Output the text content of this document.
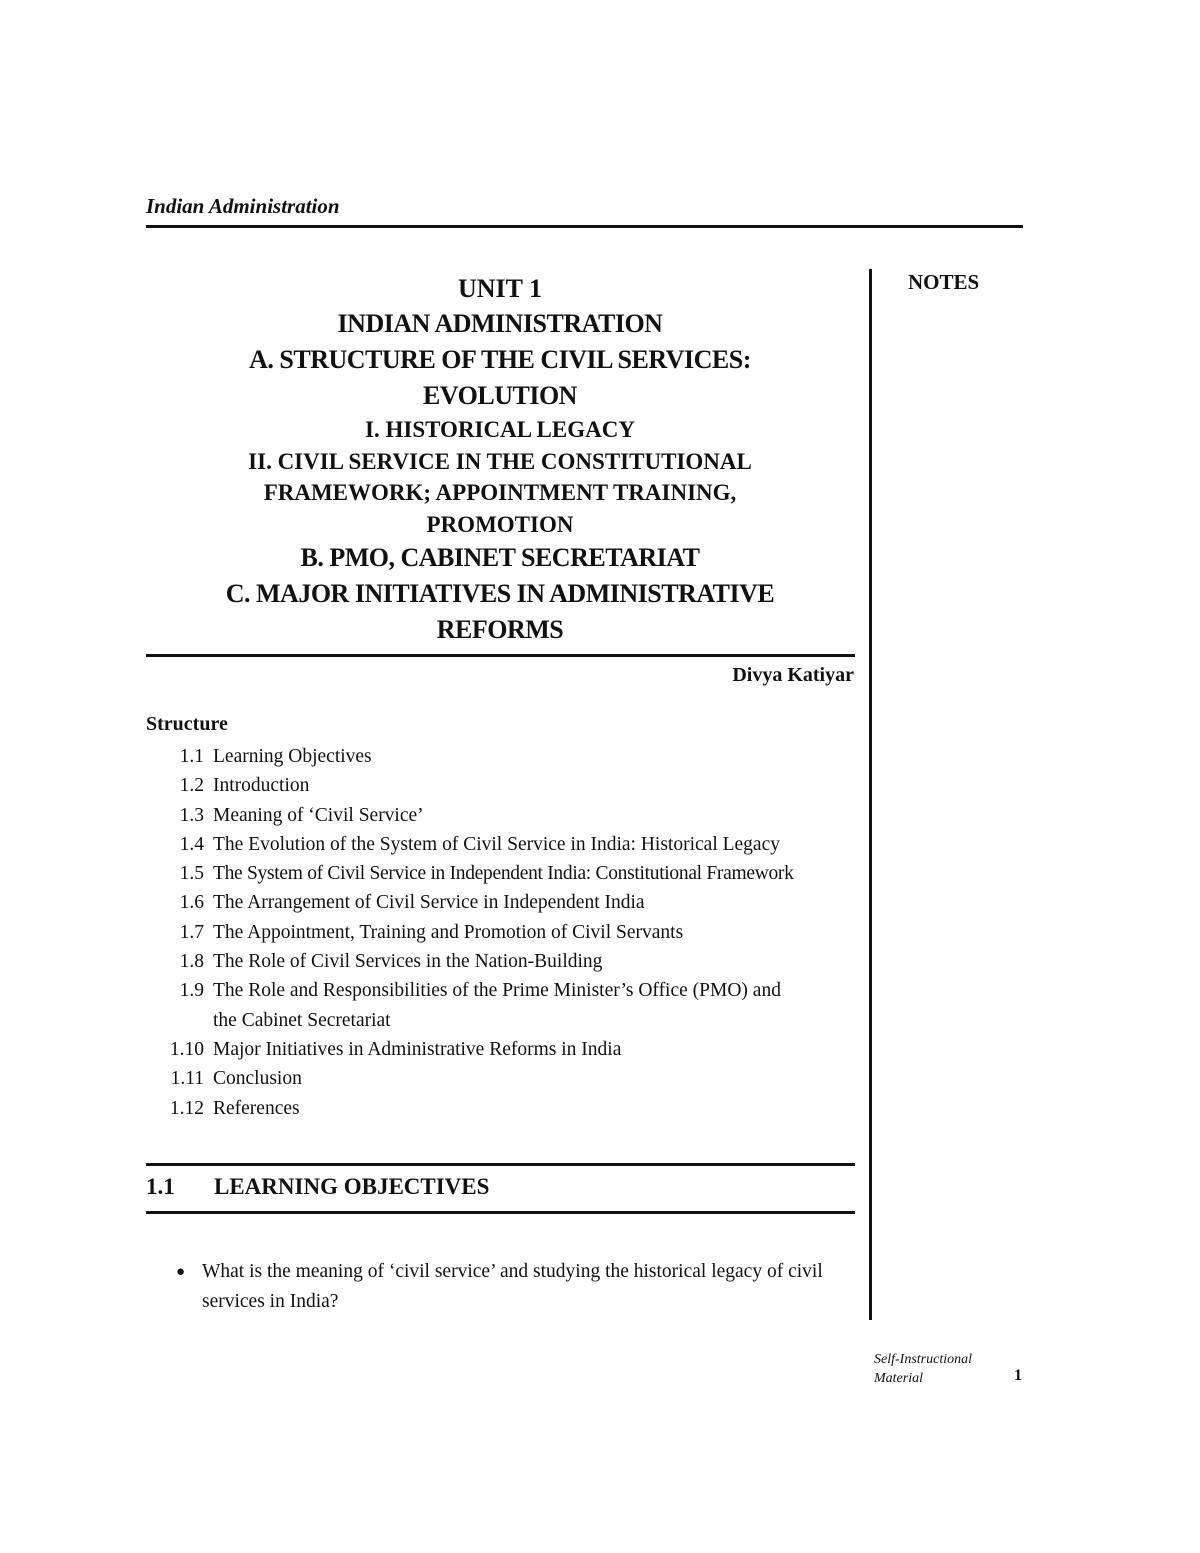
Indian Administration
NOTES

UNIT 1

INDIAN ADMINISTRATION

A. STRUCTURE OF THE CIVIL SERVICES:

EVOLUTION

I. HISTORICAL LEGACY

II. CIVIL SERVICE IN THE CONSTITUTIONAL

FRAMEWORK; APPOINTMENT TRAINING,

PROMOTION

B. PMO, CABINET SECRETARIAT

C. MAJOR INITIATIVES IN ADMINISTRATIVE

REFORMS

Divya Katiyar
Structure
1.1 Learning Objectives
1.2 Introduction
1.3 Meaning of ‘Civil Service’
1.4 The Evolution of the System of Civil Service in India: Historical Legacy
1.5 The System of Civil Service in Independent India: Constitutional Framework
1.6 The Arrangement of Civil Service in Independent India
1.7 The Appointment, Training and Promotion of Civil Servants
1.8 The Role of Civil Services in the Nation-Building
1.9 The Role and Responsibilities of the Prime Minister’s Office (PMO) and the Cabinet Secretariat
1.10 Major Initiatives in Administrative Reforms in India
1.11 Conclusion
1.12 References
1.1	LEARNING OBJECTIVES
● What is the meaning of ‘civil service’ and studying the historical legacy of civil services in India?
Self-Instructional
Material	1
